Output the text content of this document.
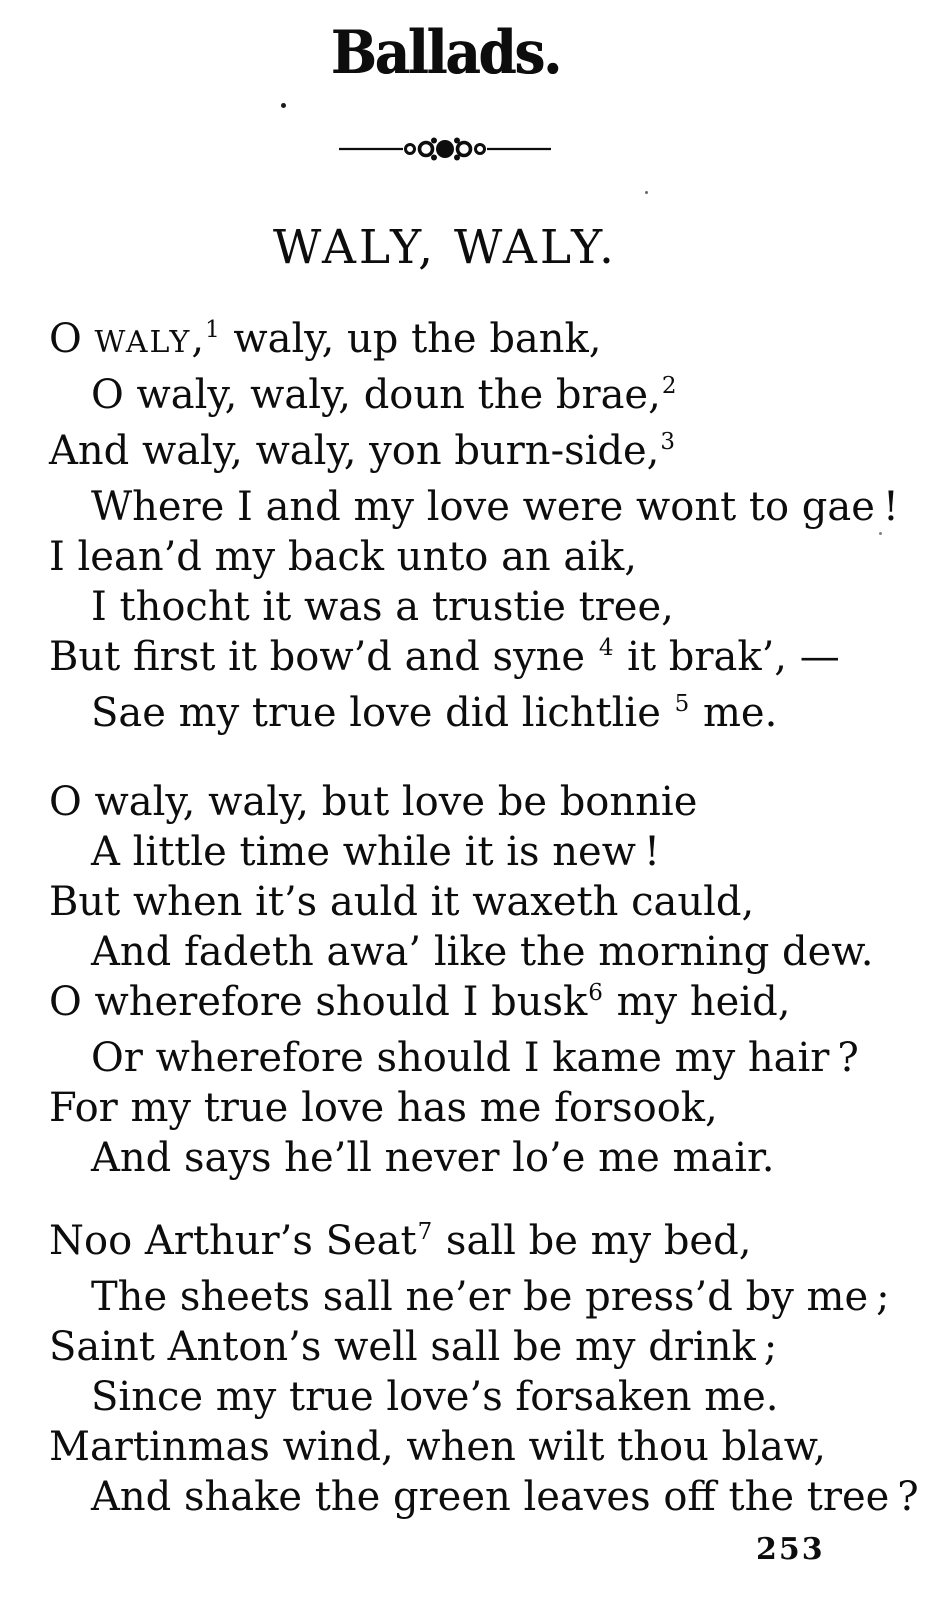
Ballads.
WALY, WALY.
O WALY,$^1$ waly, up the bank,
O waly, waly, doun the brae,$^2$
And waly, waly, yon burn-side,$^3$
Where I and my love were wont to gae !
I lean’d my back unto an aik,
I thocht it was a trustie tree,
But first it bow’d and syne $^4$ it brak’, —
Sae my true love did lichtlie $^5$ me.
O waly, waly, but love be bonnie
A little time while it is new !
But when it’s auld it waxeth cauld,
And fadeth awa’ like the morning dew.
O wherefore should I busk$^6$ my heid,
Or wherefore should I kame my hair ?
For my true love has me forsook,
And says he’ll never lo’e me mair.
Noo Arthur’s Seat$^7$ sall be my bed,
The sheets sall ne’er be press’d by me ;
Saint Anton’s well sall be my drink ;
Since my true love’s forsaken me.
Martinmas wind, when wilt thou blaw,
And shake the green leaves off the tree ?
253
